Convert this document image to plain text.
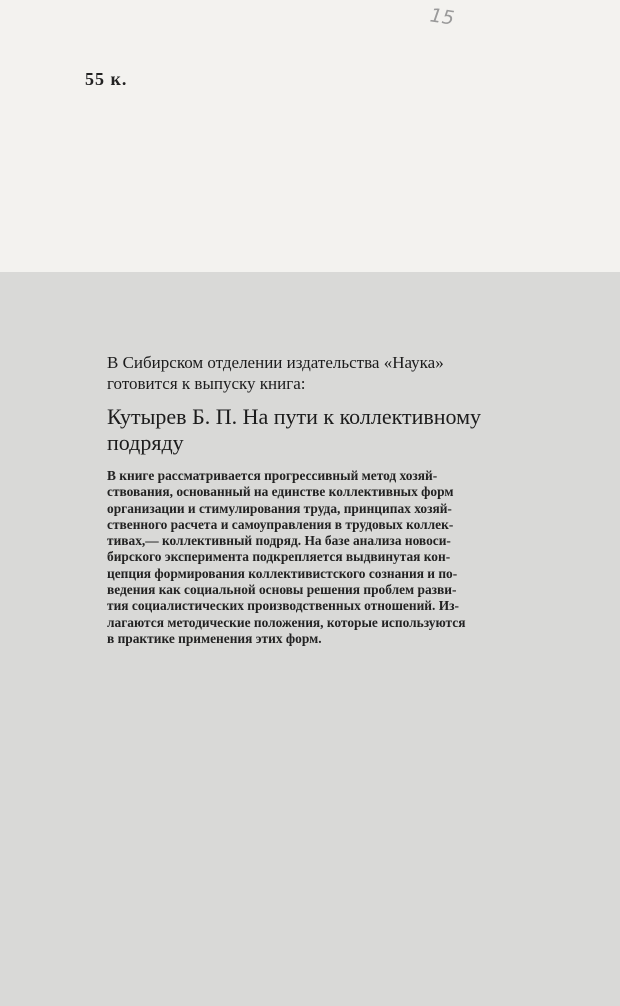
15
55 к.

В Сибирском отделении издательства «Наука»
готовится к выпуску книга:

Кутырев Б. П. На пути к коллективному
подряду

В книге рассматривается прогрессивный метод хозяй-
ствования, основанный на единстве коллективных форм
организации и стимулирования труда, принципах хозяй-
ственного расчета и самоуправления в трудовых коллек-
тивах,— коллективный подряд. На базе анализа новоси-
бирского эксперимента подкрепляется выдвинутая кон-
цепция формирования коллективистского сознания и по-
ведения как социальной основы решения проблем разви-
тия социалистических производственных отношений. Из-
лагаются методические положения, которые используются
в практике применения этих форм.
